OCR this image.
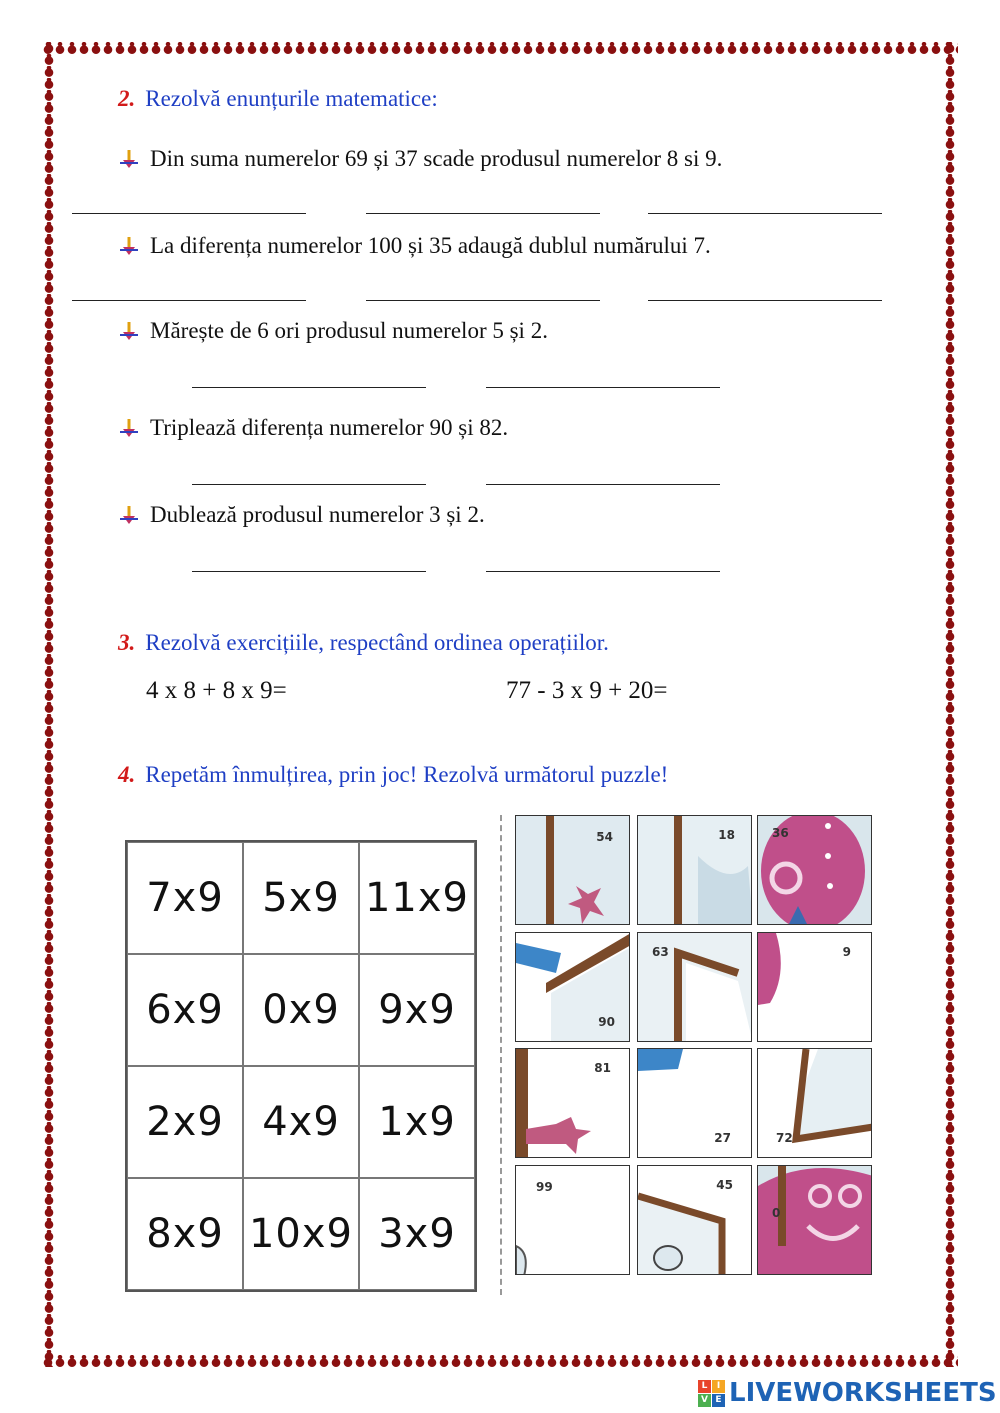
2. Rezolvă enunțurile matematice:
Din suma numerelor 69 și 37 scade produsul numerelor 8 si 9.
La diferența numerelor 100 și 35 adaugă dublul numărului 7.
Mărește de 6 ori produsul numerelor 5 și 2.
Triplează diferența numerelor 90 și 82.
Dublează produsul numerelor 3 și 2.
3. Rezolvă exercițiile, respectând ordinea operațiilor.
4 x 8 + 8 x 9=	77 - 3 x 9 + 20=
4. Repetăm înmulțirea, prin joc! Rezolvă următorul puzzle!
7x9 5x9 11x9
6x9 0x9 9x9
2x9 4x9 1x9
8x9 10x9 3x9
54	18	36
90
63	9
81
27	72
99	45
0
L	I
V E LIVEWORKSHEETS
